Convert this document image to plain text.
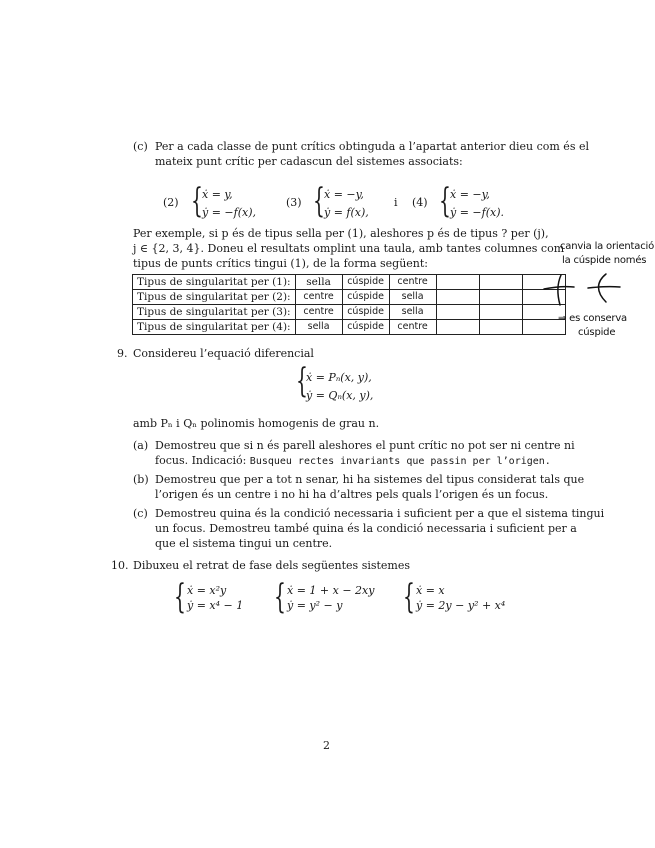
(c) Per a cada classe de punt crítics obtinguda a l’apartat anterior dieu com és el
mateix punt crític per cadascun del sistemes associats:
(2) { ẋ = y,
ẏ = −f(x),
(3) { ẋ = −y,
ẏ = f(x),
i (4) { ẋ = −y,
ẏ = −f(x).
Per exemple, si p és de tipus sella per (1), aleshores p és de tipus ? per (j),
j ∈ {2, 3, 4}. Doneu el resultats omplint una taula, amb tantes columnes com
tipus de punts crítics tingui (1), de la forma següent:
Tipus de singularitat per (1):	sella	cúspide	centre			
Tipus de singularitat per (2):	centre	cúspide	sella			
Tipus de singularitat per (3):	centre	cúspide	sella			
Tipus de singularitat per (4):	sella	cúspide	centre			
canvia la orientació
la cúspide només
⇒ es conserva
cúspide
9. Considereu l’equació diferencial
{
ẋ = Pₙ(x, y),
ẏ = Qₙ(x, y),
amb Pₙ i Qₙ polinomis homogenis de grau n.
(a) Demostreu que si n és parell aleshores el punt crític no pot ser ni centre ni
focus. Indicació: Busqueu rectes invariants que passin per l’origen.
(b) Demostreu que per a tot n senar, hi ha sistemes del tipus considerat tals que
l’origen és un centre i no hi ha d’altres pels quals l’origen és un focus.
(c) Demostreu quina és la condició necessaria i suficient per a que el sistema tingui
un focus. Demostreu també quina és la condició necessaria i suficient per a
que el sistema tingui un centre.
10. Dibuxeu el retrat de fase dels següentes sistemes
{ ẋ = x²y
ẏ = x⁴ − 1 { ẋ = 1 + x − 2xy
ẏ = y² − y { ẋ = x
ẏ = 2y − y² + x⁴
2
